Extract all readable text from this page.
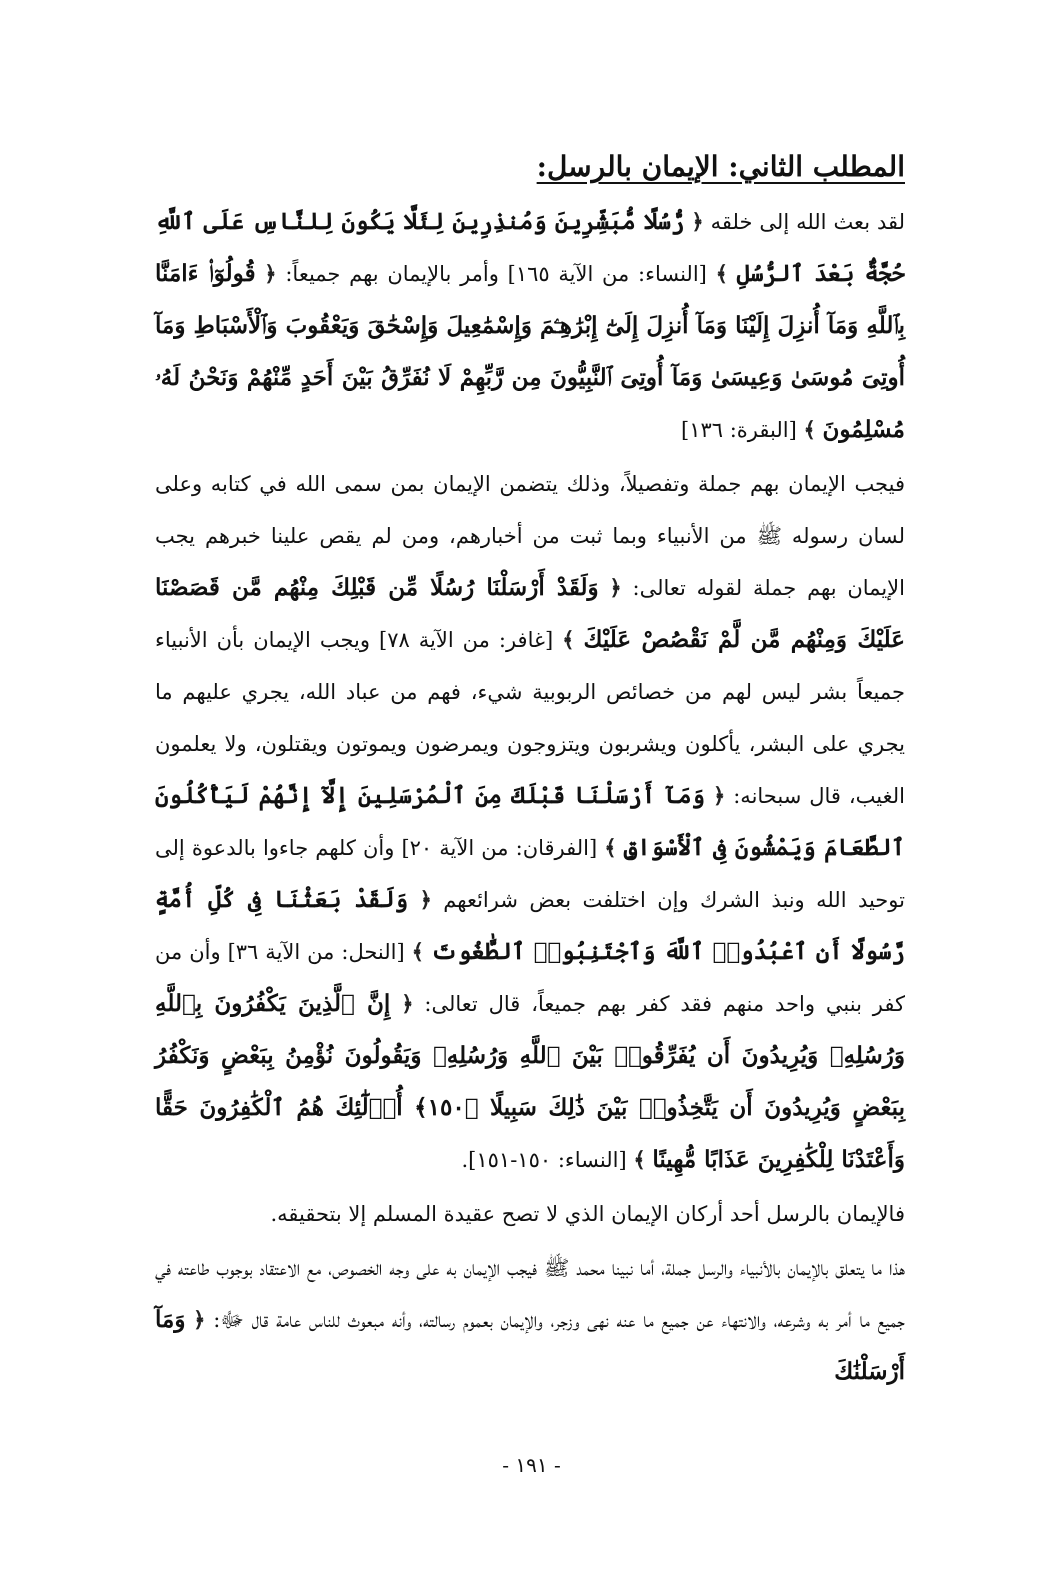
المطلب الثاني: الإيمان بالرسل:

لقد بعث الله إلى خلقه ﴿ رُّسُلًا مُّبَشِّرِينَ وَمُنذِرِينَ لِئَلَّا يَكُونَ لِلنَّاسِ عَلَى ٱللَّهِ حُجَّةٌۢ بَعْدَ ٱلرُّسُلِ ﴾ [النساء: من الآية ١٦٥] وأمر بالإيمان بهم جميعاً: ﴿ قُولُوٓا۟ ءَامَنَّا بِٱللَّهِ وَمَآ أُنزِلَ إِلَيْنَا وَمَآ أُنزِلَ إِلَىٰٓ إِبْرَٰهِـۧمَ وَإِسْمَٰعِيلَ وَإِسْحَٰقَ وَيَعْقُوبَ وَٱلْأَسْبَاطِ وَمَآ أُوتِىَ مُوسَىٰ وَعِيسَىٰ وَمَآ أُوتِىَ ٱلنَّبِيُّونَ مِن رَّبِّهِمْ لَا نُفَرِّقُ بَيْنَ أَحَدٍ مِّنْهُمْ وَنَحْنُ لَهُۥ مُسْلِمُونَ ﴾ [البقرة: ١٣٦]

فيجب الإيمان بهم جملة وتفصيلاً، وذلك يتضمن الإيمان بمن سمى الله في كتابه وعلى لسان رسوله ﷺ من الأنبياء وبما ثبت من أخبارهم، ومن لم يقص علينا خبرهم يجب الإيمان بهم جملة لقوله تعالى: ﴿ وَلَقَدْ أَرْسَلْنَا رُسُلًا مِّن قَبْلِكَ مِنْهُم مَّن قَصَصْنَا عَلَيْكَ وَمِنْهُم مَّن لَّمْ نَقْصُصْ عَلَيْكَ ﴾ [غافر: من الآية ٧٨] ويجب الإيمان بأن الأنبياء جميعاً بشر ليس لهم من خصائص الربوبية شيء، فهم من عباد الله، يجري عليهم ما يجري على البشر، يأكلون ويشربون ويتزوجون ويمرضون ويموتون ويقتلون، ولا يعلمون الغيب، قال سبحانه: ﴿ وَمَآ أَرْسَلْنَا قَبْلَكَ مِنَ ٱلْمُرْسَلِينَ إِلَّآ إِنَّهُمْ لَيَأْكُلُونَ ٱلطَّعَامَ وَيَمْشُونَ فِى ٱلْأَسْوَاقِ ﴾ [الفرقان: من الآية ٢٠] وأن كلهم جاءوا بالدعوة إلى توحيد الله ونبذ الشرك وإن اختلفت بعض شرائعهم ﴿ وَلَقَدْ بَعَثْنَا فِى كُلِّ أُمَّةٍ رَّسُولًا أَنِ ٱعْبُدُوا۟ ٱللَّهَ وَٱجْتَنِبُوا۟ ٱلطَّٰغُوتَ ﴾ [النحل: من الآية ٣٦] وأن من كفر بنبي واحد منهم فقد كفر بهم جميعاً، قال تعالى: ﴿ إِنَّ ٱلَّذِينَ يَكْفُرُونَ بِٱللَّهِ وَرُسُلِهِۦ وَيُرِيدُونَ أَن يُفَرِّقُوا۟ بَيْنَ ٱللَّهِ وَرُسُلِهِۦ وَيَقُولُونَ نُؤْمِنُ بِبَعْضٍ وَنَكْفُرُ بِبَعْضٍ وَيُرِيدُونَ أَن يَتَّخِذُوا۟ بَيْنَ ذَٰلِكَ سَبِيلًا ﴿١٥٠﴾ أُو۟لَٰٓئِكَ هُمُ ٱلْكَٰفِرُونَ حَقًّا وَأَعْتَدْنَا لِلْكَٰفِرِينَ عَذَابًا مُّهِينًا ﴾ [النساء: ١٥٠-١٥١].

فالإيمان بالرسل أحد أركان الإيمان الذي لا تصح عقيدة المسلم إلا بتحقيقه.

هذا ما يتعلق بالإيمان بالأنبياء والرسل جملة، أما نبينا محمد ﷺ فيجب الإيمان به على وجه الخصوص، مع الاعتقاد بوجوب طاعته في جميع ما أمر به وشرعه، والانتهاء عن جميع ما عنه نهى وزجر، والإيمان بعموم رسالته، وأنه مبعوث للناس عامة قال ﷻ: ﴿ وَمَآ أَرْسَلْنَٰكَ

- ١٩١ -
